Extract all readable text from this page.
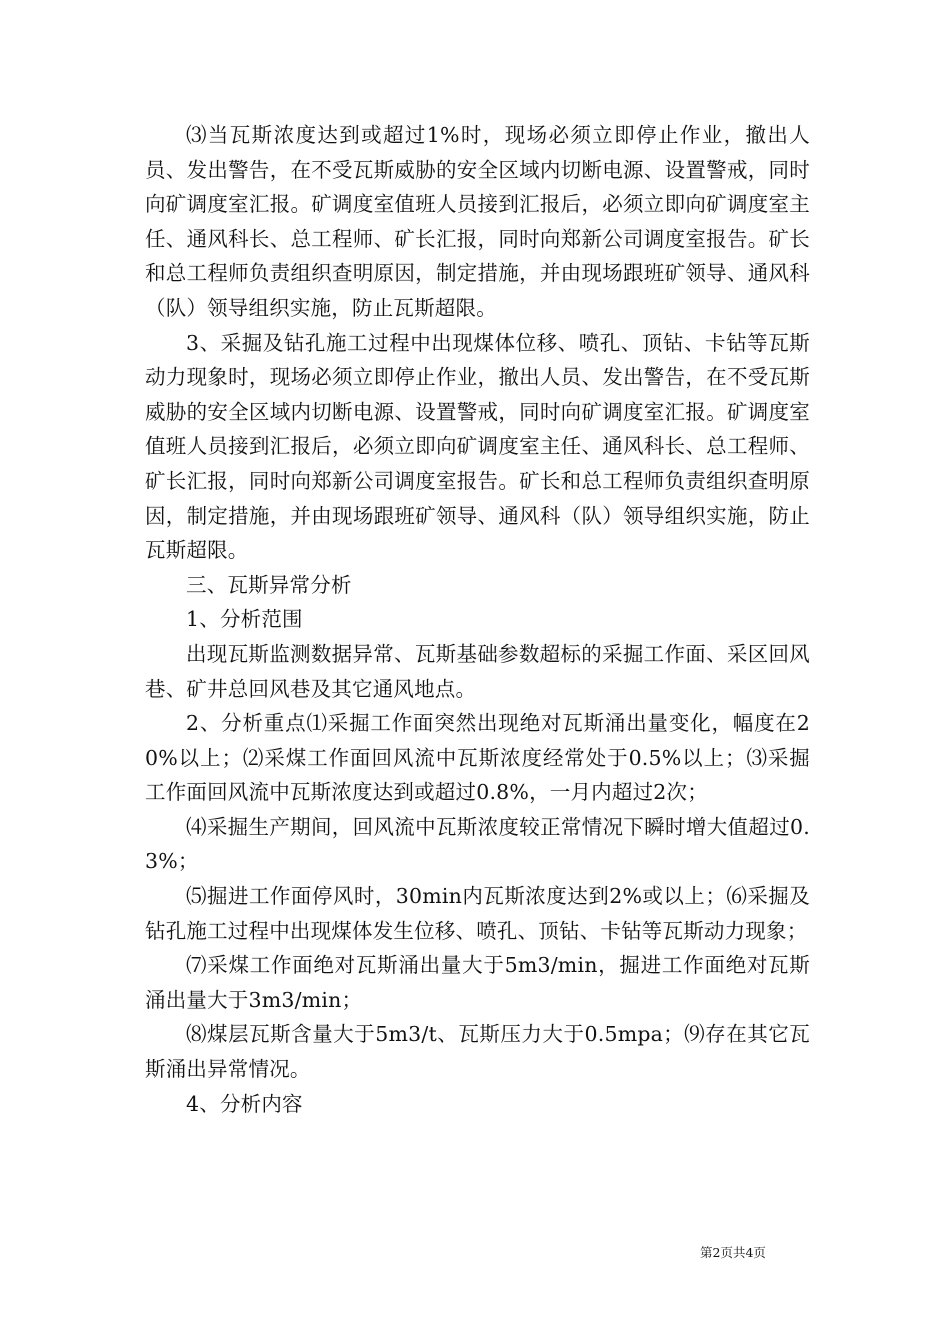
⑶当瓦斯浓度达到或超过1%时，现场必须立即停止作业，撤出人员、发出警告，在不受瓦斯威胁的安全区域内切断电源、设置警戒，同时向矿调度室汇报。矿调度室值班人员接到汇报后，必须立即向矿调度室主任、通风科长、总工程师、矿长汇报，同时向郑新公司调度室报告。矿长和总工程师负责组织查明原因，制定措施，并由现场跟班矿领导、通风科（队）领导组织实施，防止瓦斯超限。

3、采掘及钻孔施工过程中出现煤体位移、喷孔、顶钻、卡钻等瓦斯动力现象时，现场必须立即停止作业，撤出人员、发出警告，在不受瓦斯威胁的安全区域内切断电源、设置警戒，同时向矿调度室汇报。矿调度室值班人员接到汇报后，必须立即向矿调度室主任、通风科长、总工程师、矿长汇报，同时向郑新公司调度室报告。矿长和总工程师负责组织查明原因，制定措施，并由现场跟班矿领导、通风科（队）领导组织实施，防止瓦斯超限。

三、瓦斯异常分析

1、分析范围

出现瓦斯监测数据异常、瓦斯基础参数超标的采掘工作面、采区回风巷、矿井总回风巷及其它通风地点。

2、分析重点⑴采掘工作面突然出现绝对瓦斯涌出量变化，幅度在20%以上；⑵采煤工作面回风流中瓦斯浓度经常处于0.5%以上；⑶采掘工作面回风流中瓦斯浓度达到或超过0.8%，一月内超过2次；

⑷采掘生产期间，回风流中瓦斯浓度较正常情况下瞬时增大值超过0.3%；

⑸掘进工作面停风时，30min内瓦斯浓度达到2%或以上；⑹采掘及钻孔施工过程中出现煤体发生位移、喷孔、顶钻、卡钻等瓦斯动力现象；

⑺采煤工作面绝对瓦斯涌出量大于5m3/min，掘进工作面绝对瓦斯涌出量大于3m3/min；

⑻煤层瓦斯含量大于5m3/t、瓦斯压力大于0.5mpa；⑼存在其它瓦斯涌出异常情况。

4、分析内容

第2页共4页
